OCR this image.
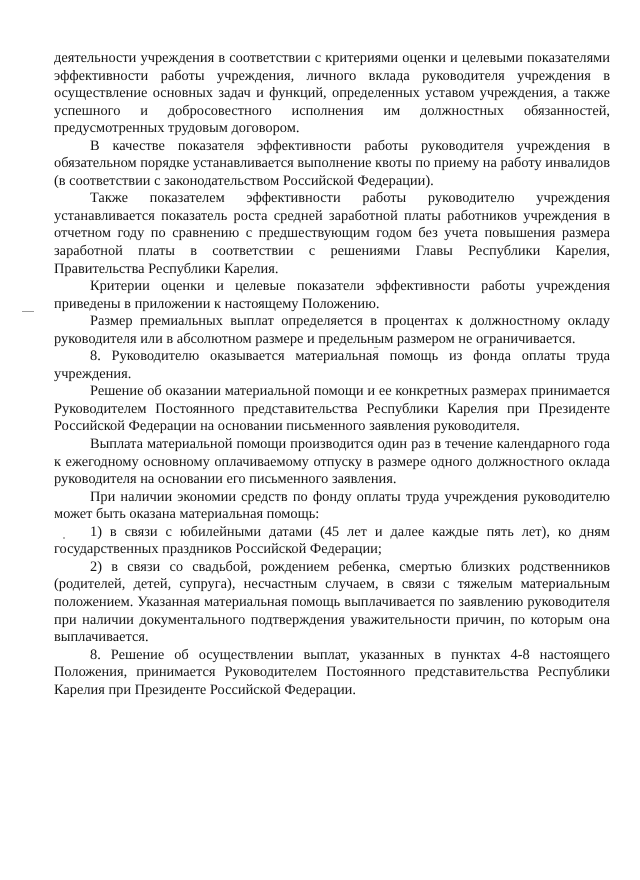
деятельности учреждения в соответствии с критериями оценки и целевыми показателями эффективности работы учреждения, личного вклада руководителя учреждения в осуществление основных задач и функций, определенных уставом учреждения, а также успешного и добросовестного исполнения им должностных обязанностей, предусмотренных трудовым договором.

В качестве показателя эффективности работы руководителя учреждения в обязательном порядке устанавливается выполнение квоты по приему на работу инвалидов (в соответствии с законодательством Российской Федерации).

Также показателем эффективности работы руководителю учреждения устанавливается показатель роста средней заработной платы работников учреждения в отчетном году по сравнению с предшествующим годом без учета повышения размера заработной платы в соответствии с решениями Главы Республики Карелия, Правительства Республики Карелия.

Критерии оценки и целевые показатели эффективности работы учреждения приведены в приложении к настоящему Положению.

Размер премиальных выплат определяется в процентах к должностному окладу руководителя или в абсолютном размере и предельным размером не ограничивается.

8. Руководителю оказывается материальная помощь из фонда оплаты труда учреждения.

Решение об оказании материальной помощи и ее конкретных размерах принимается Руководителем Постоянного представительства Республики Карелия при Президенте Российской Федерации на основании письменного заявления руководителя.

Выплата материальной помощи производится один раз в течение календарного года к ежегодному основному оплачиваемому отпуску в размере одного должностного оклада руководителя на основании его письменного заявления.

При наличии экономии средств по фонду оплаты труда учреждения руководителю может быть оказана материальная помощь:

1) в связи с юбилейными датами (45 лет и далее каждые пять лет), ко дням государственных праздников Российской Федерации;

2) в связи со свадьбой, рождением ребенка, смертью близких родственников (родителей, детей, супруга), несчастным случаем, в связи с тяжелым материальным положением. Указанная материальная помощь выплачивается по заявлению руководителя при наличии документального подтверждения уважительности причин, по которым она выплачивается.

8. Решение об осуществлении выплат, указанных в пунктах 4-8 настоящего Положения, принимается Руководителем Постоянного представительства Республики Карелия при Президенте Российской Федерации.
